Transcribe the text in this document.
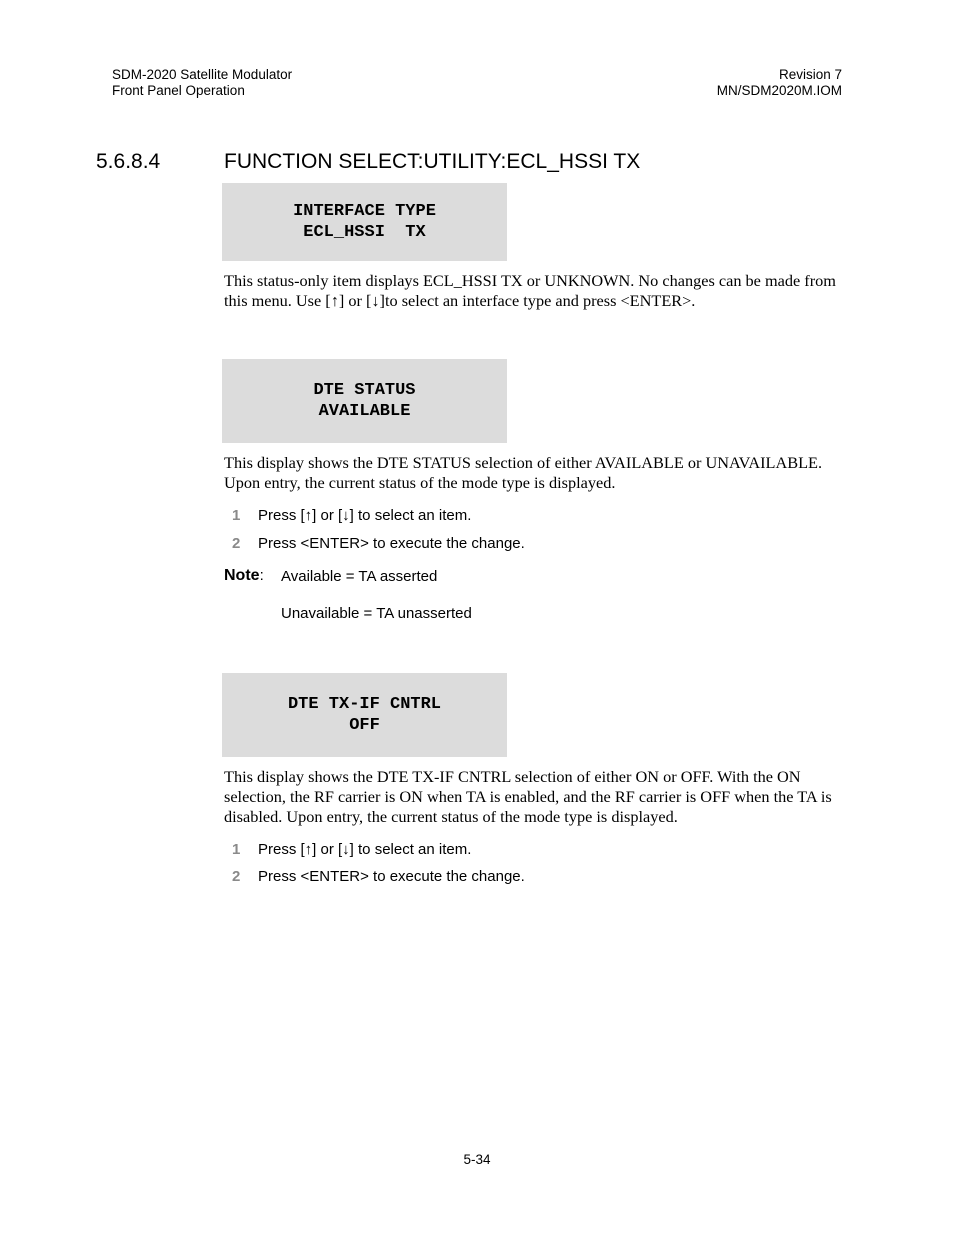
SDM-2020 Satellite Modulator
Front Panel Operation
Revision 7
MN/SDM2020M.IOM
5.6.8.4	FUNCTION SELECT:UTILITY:ECL_HSSI TX
INTERFACE TYPE
ECL_HSSI  TX
This status-only item displays ECL_HSSI TX or UNKNOWN. No changes can be made from this menu. Use [↑] or [↓]to select an interface type and press <ENTER>.
DTE STATUS
AVAILABLE
This display shows the DTE STATUS selection of either AVAILABLE or UNAVAILABLE. Upon entry, the current status of the mode type is displayed.
1 Press [↑] or [↓] to select an item.
2 Press <ENTER> to execute the change.
Note: Available = TA asserted
Unavailable = TA unasserted
DTE TX-IF CNTRL
OFF
This display shows the DTE TX-IF CNTRL selection of either ON or OFF. With the ON selection, the RF carrier is ON when TA is enabled, and the RF carrier is OFF when the TA is disabled. Upon entry, the current status of the mode type is displayed.
1 Press [↑] or [↓] to select an item.
2 Press <ENTER> to execute the change.
5-34
